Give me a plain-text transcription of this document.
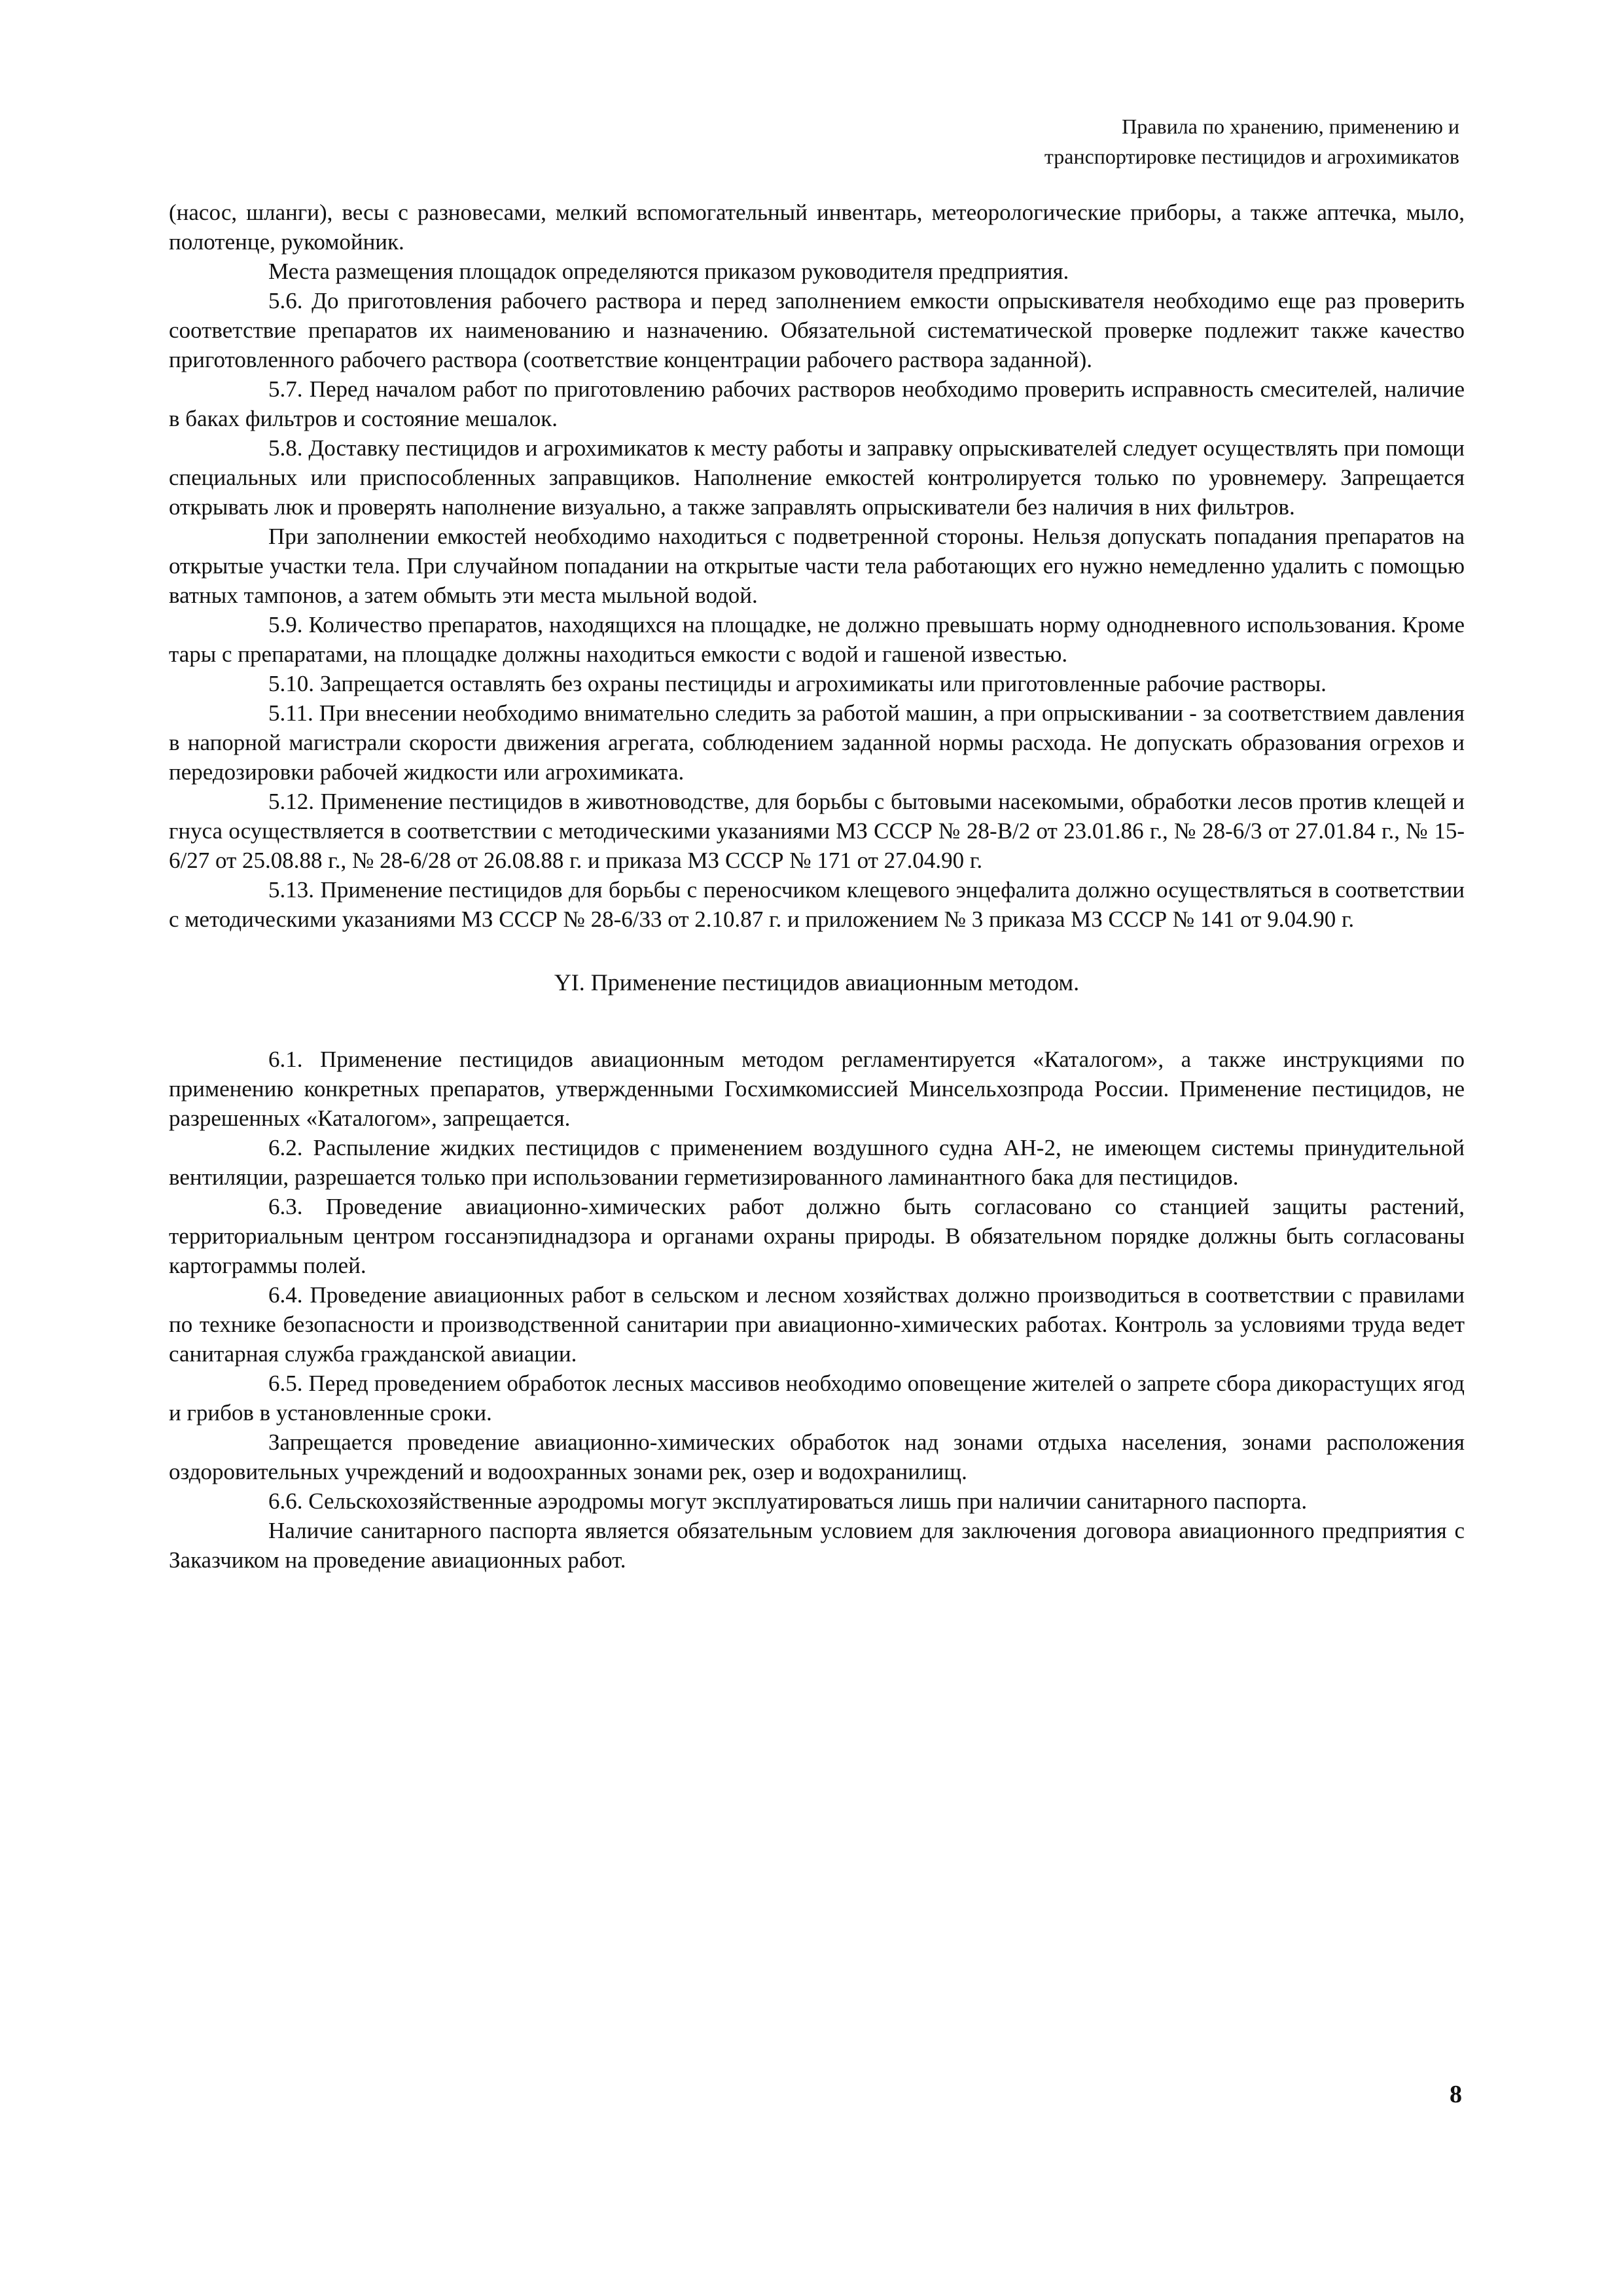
Правила по хранению, применению и
транспортировке пестицидов и агрохимикатов

(насос, шланги), весы с разновесами, мелкий вспомогательный инвентарь, метеорологические приборы, а также аптечка, мыло, полотенце, рукомойник.

Места размещения площадок определяются приказом руководителя предприятия.

5.6. До приготовления рабочего раствора и перед заполнением емкости опрыскивателя необходимо еще раз проверить соответствие препаратов их наименованию и назначению. Обязательной систематической проверке подлежит также качество приготовленного рабочего раствора (соответствие концентрации рабочего раствора заданной).

5.7. Перед началом работ по приготовлению рабочих растворов необходимо проверить исправность смесителей, наличие в баках фильтров и состояние мешалок.

5.8. Доставку пестицидов и агрохимикатов к месту работы и заправку опрыскивателей следует осуществлять при помощи специальных или приспособленных заправщиков. Наполнение емкостей контролируется только по уровнемеру. Запрещается открывать люк и проверять наполнение визуально, а также заправлять опрыскиватели без наличия в них фильтров.

При заполнении емкостей необходимо находиться с подветренной стороны. Нельзя допускать попадания препаратов на открытые участки тела. При случайном попадании на открытые части тела работающих его нужно немедленно удалить с помощью ватных тампонов, а затем обмыть эти места мыльной водой.

5.9. Количество препаратов, находящихся на площадке, не должно превышать норму однодневного использования. Кроме тары с препаратами, на площадке должны находиться емкости с водой и гашеной известью.

5.10. Запрещается оставлять без охраны пестициды и агрохимикаты или приготовленные рабочие растворы.

5.11. При внесении необходимо внимательно следить за работой машин, а при опрыскивании - за соответствием давления в напорной магистрали скорости движения агрегата, соблюдением заданной нормы расхода. Не допускать образования огрехов и передозировки рабочей жидкости или агрохимиката.

5.12. Применение пестицидов в животноводстве, для борьбы с бытовыми насекомыми, обработки лесов против клещей и гнуса осуществляется в соответствии с методическими указаниями МЗ СССР № 28-В/2 от 23.01.86 г., № 28-6/3 от 27.01.84 г., № 15-6/27 от 25.08.88 г., № 28-6/28 от 26.08.88 г. и приказа МЗ СССР № 171 от 27.04.90 г.

5.13. Применение пестицидов для борьбы с переносчиком клещевого энцефалита должно осуществляться в соответствии с методическими указаниями МЗ СССР № 28-6/33 от 2.10.87 г. и приложением № 3 приказа МЗ СССР № 141 от 9.04.90 г.

YI. Применение пестицидов авиационным методом.

6.1. Применение пестицидов авиационным методом регламентируется «Каталогом», а также инструкциями по применению конкретных препаратов, утвержденными Госхимкомиссией Минсельхозпрода России. Применение пестицидов, не разрешенных «Каталогом», запрещается.

6.2. Распыление жидких пестицидов с применением воздушного судна АН-2, не имеющем системы принудительной вентиляции, разрешается только при использовании герметизированного ламинантного бака для пестицидов.

6.3. Проведение авиационно-химических работ должно быть согласовано со станцией защиты растений, территориальным центром госсанэпиднадзора и органами охраны природы. В обязательном порядке должны быть согласованы картограммы полей.

6.4. Проведение авиационных работ в сельском и лесном хозяйствах должно производиться в соответствии с правилами по технике безопасности и производственной санитарии при авиационно-химических работах. Контроль за условиями труда ведет санитарная служба гражданской авиации.

6.5. Перед проведением обработок лесных массивов необходимо оповещение жителей о запрете сбора дикорастущих ягод и грибов в установленные сроки.

Запрещается проведение авиационно-химических обработок над зонами отдыха населения, зонами расположения оздоровительных учреждений и водоохранных зонами рек, озер и водохранилищ.

6.6. Сельскохозяйственные аэродромы могут эксплуатироваться лишь при наличии санитарного паспорта.

Наличие санитарного паспорта является обязательным условием для заключения договора авиационного предприятия с Заказчиком на проведение авиационных работ.

8
